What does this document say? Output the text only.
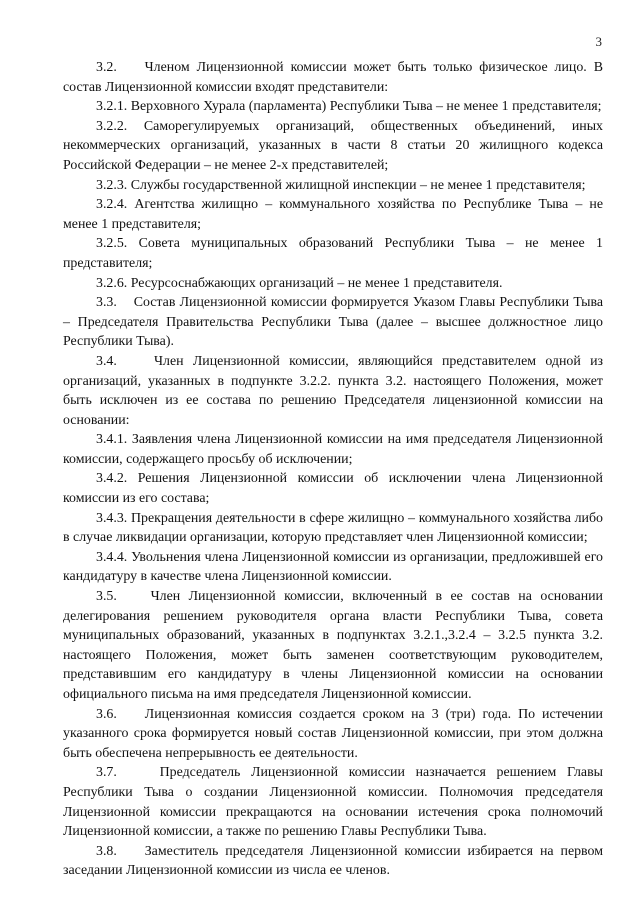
3

3.2.    Членом Лицензионной комиссии может быть только физическое лицо. В состав Лицензионной комиссии входят представители:

3.2.1. Верховного Хурала (парламента) Республики Тыва – не менее 1 представителя;

3.2.2. Саморегулируемых организаций, общественных объединений, иных некоммерческих организаций, указанных в части 8 статьи 20 жилищного кодекса Российской Федерации – не менее 2-х представителей;

3.2.3. Службы государственной жилищной инспекции – не менее 1 представителя;

3.2.4. Агентства жилищно – коммунального хозяйства по Республике Тыва – не менее 1 представителя;

3.2.5. Совета муниципальных образований Республики Тыва – не менее 1 представителя;

3.2.6. Ресурсоснабжающих организаций – не менее 1 представителя.

3.3.    Состав Лицензионной комиссии формируется Указом Главы Республики Тыва – Председателя Правительства Республики Тыва (далее – высшее должностное лицо Республики Тыва).

3.4.    Член Лицензионной комиссии, являющийся представителем одной из организаций, указанных в подпункте 3.2.2. пункта 3.2. настоящего Положения, может быть исключен из ее состава по решению Председателя лицензионной комиссии на основании:

3.4.1. Заявления члена Лицензионной комиссии на имя председателя Лицензионной комиссии, содержащего просьбу об исключении;

3.4.2. Решения Лицензионной комиссии об исключении члена Лицензионной комиссии из его состава;

3.4.3. Прекращения деятельности в сфере жилищно – коммунального хозяйства либо в случае ликвидации организации, которую представляет член Лицензионной комиссии;

3.4.4. Увольнения члена Лицензионной комиссии из организации, предложившей его кандидатуру в качестве члена Лицензионной комиссии.

3.5.    Член Лицензионной комиссии, включенный в ее состав на основании делегирования решением руководителя органа власти Республики Тыва, совета муниципальных образований, указанных в подпунктах 3.2.1.,3.2.4 – 3.2.5 пункта 3.2. настоящего Положения, может быть заменен соответствующим руководителем, представившим его кандидатуру в члены Лицензионной комиссии на основании официального письма на имя председателя Лицензионной комиссии.

3.6.    Лицензионная комиссия создается сроком на 3 (три) года. По истечении указанного срока формируется новый состав Лицензионной комиссии, при этом должна быть обеспечена непрерывность ее деятельности.

3.7.    Председатель Лицензионной комиссии назначается решением Главы Республики Тыва о создании Лицензионной комиссии. Полномочия председателя Лицензионной комиссии прекращаются на основании истечения срока полномочий Лицензионной комиссии, а также по решению Главы Республики Тыва.

3.8.    Заместитель председателя Лицензионной комиссии избирается на первом заседании Лицензионной комиссии из числа ее членов.
